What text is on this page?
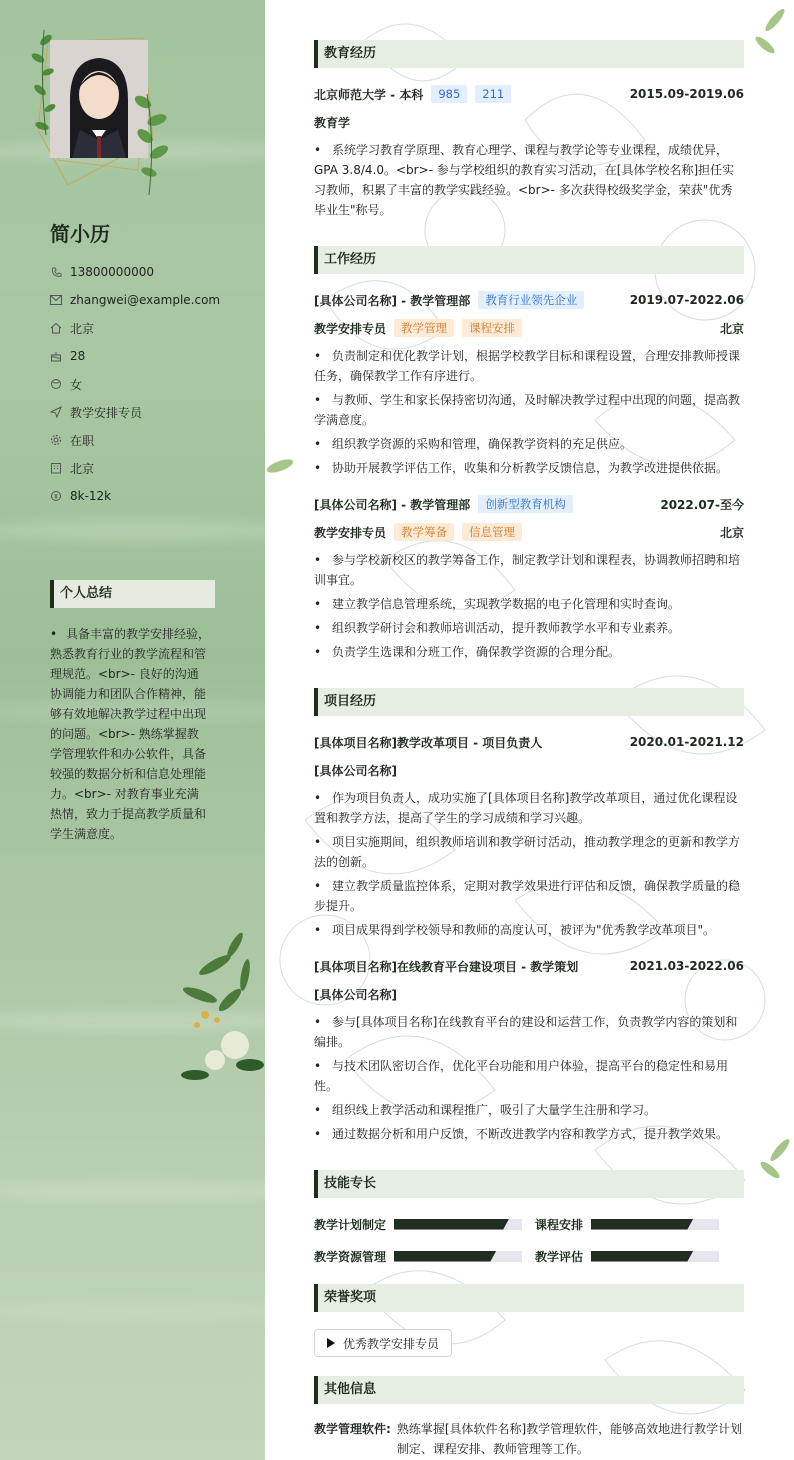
简小历
13800000000
zhangwei@example.com
北京
28
女
教学安排专员
在职
北京
8k-12k
个人总结
• 具备丰富的教学安排经验，熟悉教育行业的教学流程和管理规范。<br>- 良好的沟通协调能力和团队合作精神，能够有效地解决教学过程中出现的问题。<br>- 熟练掌握教学管理软件和办公软件，具备较强的数据分析和信息处理能力。<br>- 对教育事业充满热情，致力于提高教学质量和学生满意度。
教育经历
北京师范大学 - 本科	985	211	2015.09-2019.06
教育学
• 系统学习教育学原理、教育心理学、课程与教学论等专业课程，成绩优异，GPA 3.8/4.0。<br>- 参与学校组织的教育实习活动，在[具体学校名称]担任实习教师，积累了丰富的教学实践经验。<br>- 多次获得校级奖学金，荣获"优秀毕业生"称号。
工作经历
[具体公司名称] - 教学管理部	教育行业领先企业	2019.07-2022.06
教学安排专员	教学管理	课程安排	北京
• 负责制定和优化教学计划，根据学校教学目标和课程设置，合理安排教师授课任务，确保教学工作有序进行。
• 与教师、学生和家长保持密切沟通，及时解决教学过程中出现的问题，提高教学满意度。
• 组织教学资源的采购和管理，确保教学资料的充足供应。
• 协助开展教学评估工作，收集和分析教学反馈信息，为教学改进提供依据。
[具体公司名称] - 教学管理部	创新型教育机构	2022.07-至今
教学安排专员	教学筹备	信息管理	北京
• 参与学校新校区的教学筹备工作，制定教学计划和课程表，协调教师招聘和培训事宜。
• 建立教学信息管理系统，实现教学数据的电子化管理和实时查询。
• 组织教学研讨会和教师培训活动，提升教师教学水平和专业素养。
• 负责学生选课和分班工作，确保教学资源的合理分配。
项目经历
[具体项目名称]教学改革项目 - 项目负责人	2020.01-2021.12
[具体公司名称]
• 作为项目负责人，成功实施了[具体项目名称]教学改革项目，通过优化课程设置和教学方法，提高了学生的学习成绩和学习兴趣。
• 项目实施期间，组织教师培训和教学研讨活动，推动教学理念的更新和教学方法的创新。
• 建立教学质量监控体系，定期对教学效果进行评估和反馈，确保教学质量的稳步提升。
• 项目成果得到学校领导和教师的高度认可，被评为"优秀教学改革项目"。
[具体项目名称]在线教育平台建设项目 - 教学策划	2021.03-2022.06
[具体公司名称]
• 参与[具体项目名称]在线教育平台的建设和运营工作，负责教学内容的策划和编排。
• 与技术团队密切合作，优化平台功能和用户体验，提高平台的稳定性和易用性。
• 组织线上教学活动和课程推广，吸引了大量学生注册和学习。
• 通过数据分析和用户反馈，不断改进教学内容和教学方式，提升教学效果。
技能专长
教学计划制定	课程安排
教学资源管理	教学评估
荣誉奖项
优秀教学安排专员
其他信息
教学管理软件: 熟练掌握[具体软件名称]教学管理软件，能够高效地进行教学计划制定、课程安排、教师管理等工作。
